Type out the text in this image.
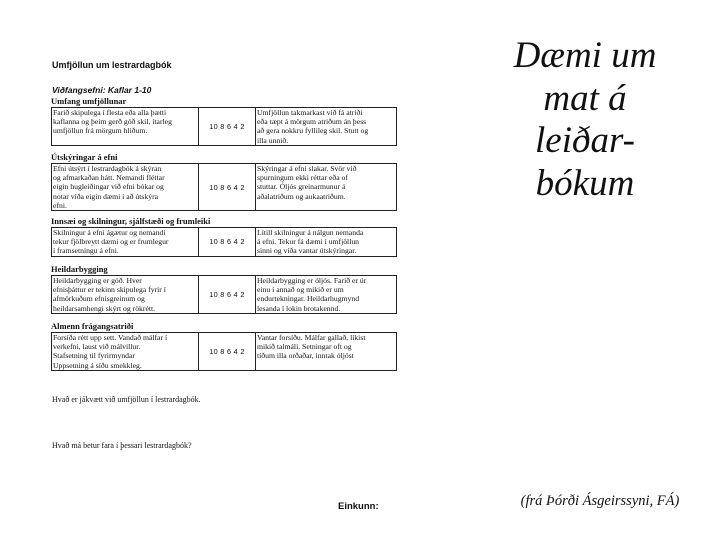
Umfjöllun um lestrardagbók
Viðfangsefni: Kaflar 1-10
Umfang umfjöllunar
Farið skipulega í flesta eða alla þætti
kaflanna og þeim gerð góð skil, ítarleg
umfjöllun frá mörgum hliðum.	10 8 6 4 2
Umfjöllun takmarkast við fá atriði
eða tæpt á mörgum atriðum án þess
að gera nokkru fyllileg skil. Stutt og
illa unnið.
Útskýringar á efni
Efni útsýrt í lestrardagbók á skýran
og afmarkaðan hátt. Nemandi fléttar
eigin hugleiðingar við efni bókar og
notar víða eigin dæmi í að útskýra
efni.
10 8 6 4 2
Skýringar á efni slakar. Svör við
spurningum ekki réttar eða of
stuttar. Óljós greinarmunur á
aðalatriðum og aukaatriðum.
Innsæi og skilningur, sjálfstæði og frumleiki
Skilningur á efni ágætur og nemandi
tekur fjölbreytt dæmi og er frumlegur
í framsetningu á efni.
10 8 6 4 2
Lítill skilningur á nálgun nemanda
á efni. Tekur fá dæmi í umfjöllun
sinni og víða vantar útskýringar.
Heildarbygging
Heildarbygging er góð. Hver
efnisþáttur er tekinn skipulega fyrir í
afmörkuðum efnisgreinum og
heildarsamhengi skýrt og rökrétt.
10 8 6 4 2
Heildarbygging er óljós. Farið er úr
einu í annað og mikið er um
endurtekningar. Heildarhugmynd
lesanda í lokin brotakennd.
Almenn frágangsatriði
Forsíða rétt upp sett. Vandað málfar í
verkefni, laust við málvillur.
Stafsetning til fyrirmyndar
Uppsetning á síðu smekkleg.
10 8 6 4 2
Vantar forsíðu. Málfar gallað, líkist
mikið talmáli. Setningar oft og
tíðum illa orðaðar, inntak óljóst
Hvað er jákvætt við umfjöllun í lestrardagbók.
Hvað má betur fara í þessari lestrardagbók?
Einkunn:
Dæmi um
mat á
leiðar-
bókum
(frá Þórði Ásgeirssyni, FÁ)
